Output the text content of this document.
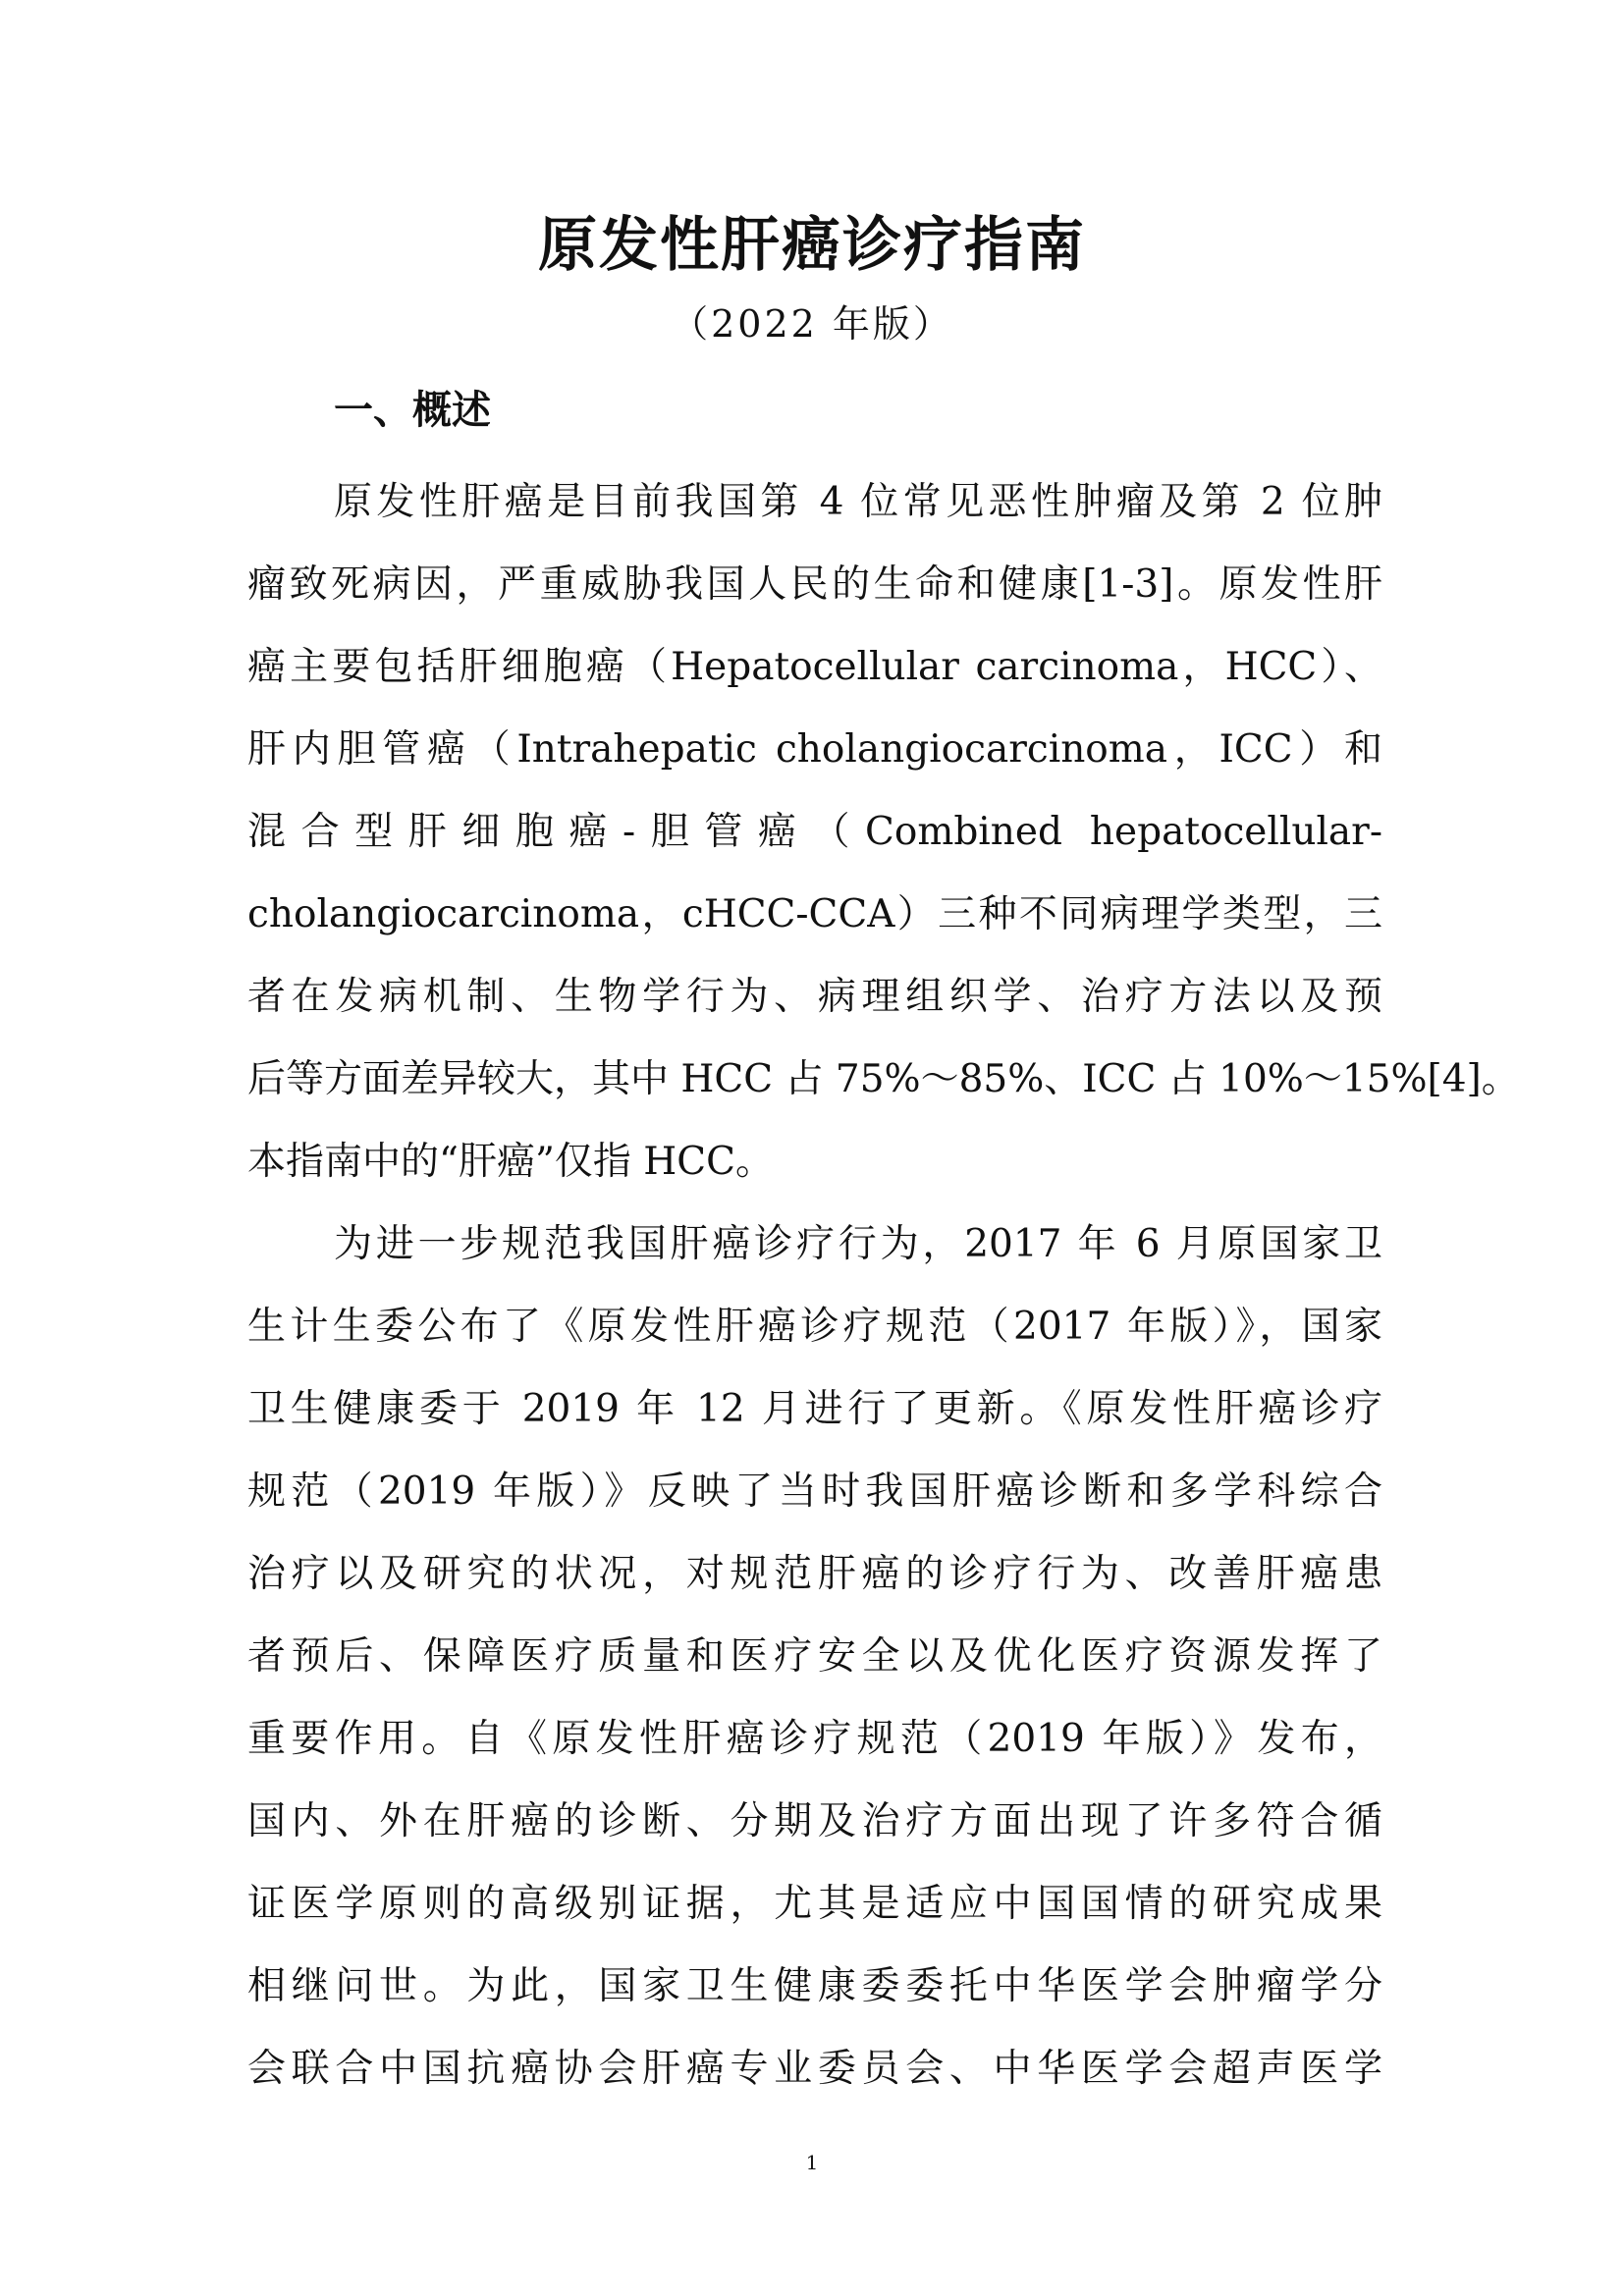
原发性肝癌诊疗指南
（2022 年版）
一、概述
原发性肝癌是目前我国第 4 位常见恶性肿瘤及第 2 位肿
瘤致死病因，严重威胁我国人民的生命和健康[1-3]。原发性肝
癌主要包括肝细胞癌（Hepatocellular carcinoma，HCC）、
肝内胆管癌（Intrahepatic cholangiocarcinoma，ICC）和
混合型肝细胞癌-胆管癌（Combined hepatocellular-
cholangiocarcinoma，cHCC-CCA）三种不同病理学类型，三
者在发病机制、生物学行为、病理组织学、治疗方法以及预
后等方面差异较大，其中 HCC 占 75%～85%、ICC 占 10%～15%[4]。
本指南中的“肝癌”仅指 HCC。
为进一步规范我国肝癌诊疗行为，2017 年 6 月原国家卫
生计生委公布了《原发性肝癌诊疗规范（2017 年版）》，国家
卫生健康委于 2019 年 12 月进行了更新。《原发性肝癌诊疗
规范（2019 年版）》反映了当时我国肝癌诊断和多学科综合
治疗以及研究的状况，对规范肝癌的诊疗行为、改善肝癌患
者预后、保障医疗质量和医疗安全以及优化医疗资源发挥了
重要作用。自《原发性肝癌诊疗规范（2019 年版）》发布，
国内、外在肝癌的诊断、分期及治疗方面出现了许多符合循
证医学原则的高级别证据，尤其是适应中国国情的研究成果
相继问世。为此，国家卫生健康委委托中华医学会肿瘤学分
会联合中国抗癌协会肝癌专业委员会、中华医学会超声医学
1
